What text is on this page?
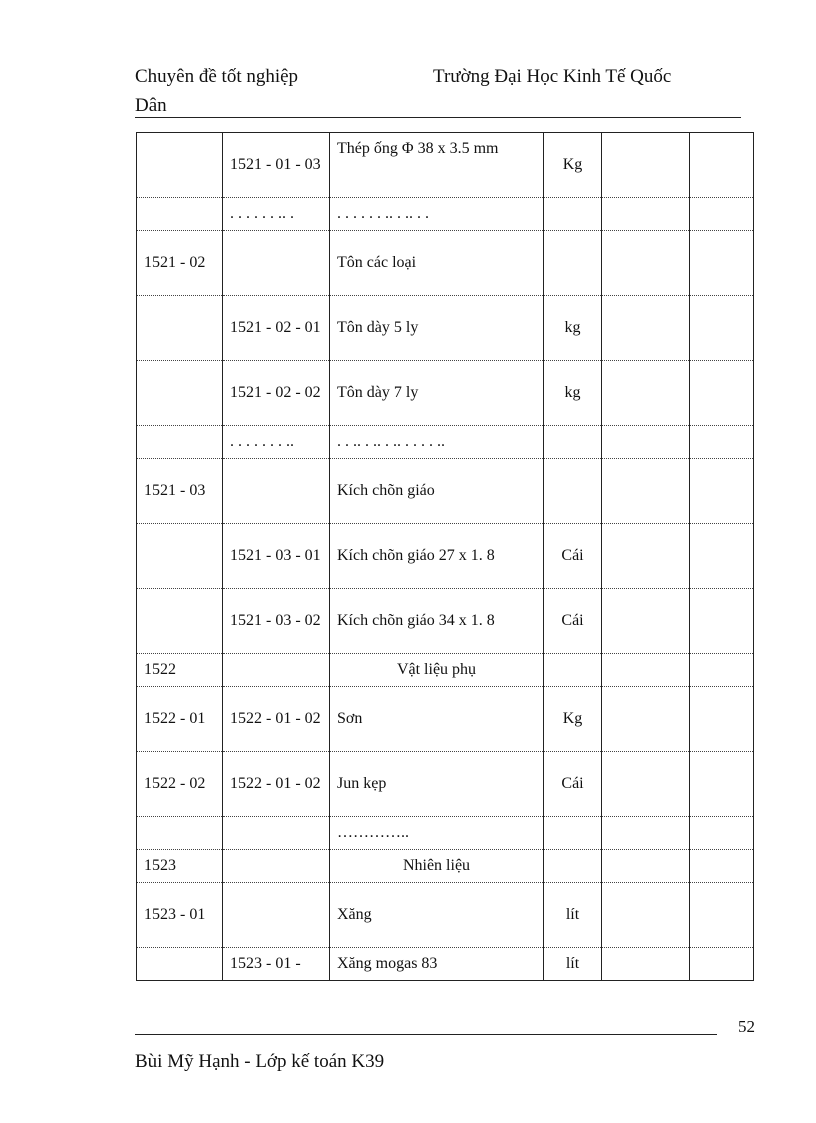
Chuyên đề tốt nghiệp	Trường Đại Học Kinh Tế Quốc
Dân
	1521 - 01 - 03	Thép ống Φ 38 x 3.5 mm	Kg		
	. . . . . . .. .	. . . . . . .. . .. . .			
1521 - 02		Tôn các loại			
	1521 - 02 - 01	Tôn dày 5 ly	kg		
	1521 - 02 - 02	Tôn dày 7 ly	kg		
	. . . . . . . ..	. . .. . .. . .. . . . . ..			
1521 - 03		Kích chõn giáo			
	1521 - 03 - 01	Kích chõn giáo 27 x 1. 8	Cái		
	1521 - 03 - 02	Kích chõn giáo 34 x 1. 8	Cái		
1522		Vật liệu phụ			
1522 - 01	1522 - 01 - 02	Sơn	Kg		
1522 - 02	1522 - 01 - 02	Jun kẹp	Cái		
		…………..			
1523		Nhiên liệu			
1523 - 01		Xăng	lít		
	1523 - 01 -	Xăng mogas 83	lít		
52
Bùi Mỹ Hạnh - Lớp kế toán K39
